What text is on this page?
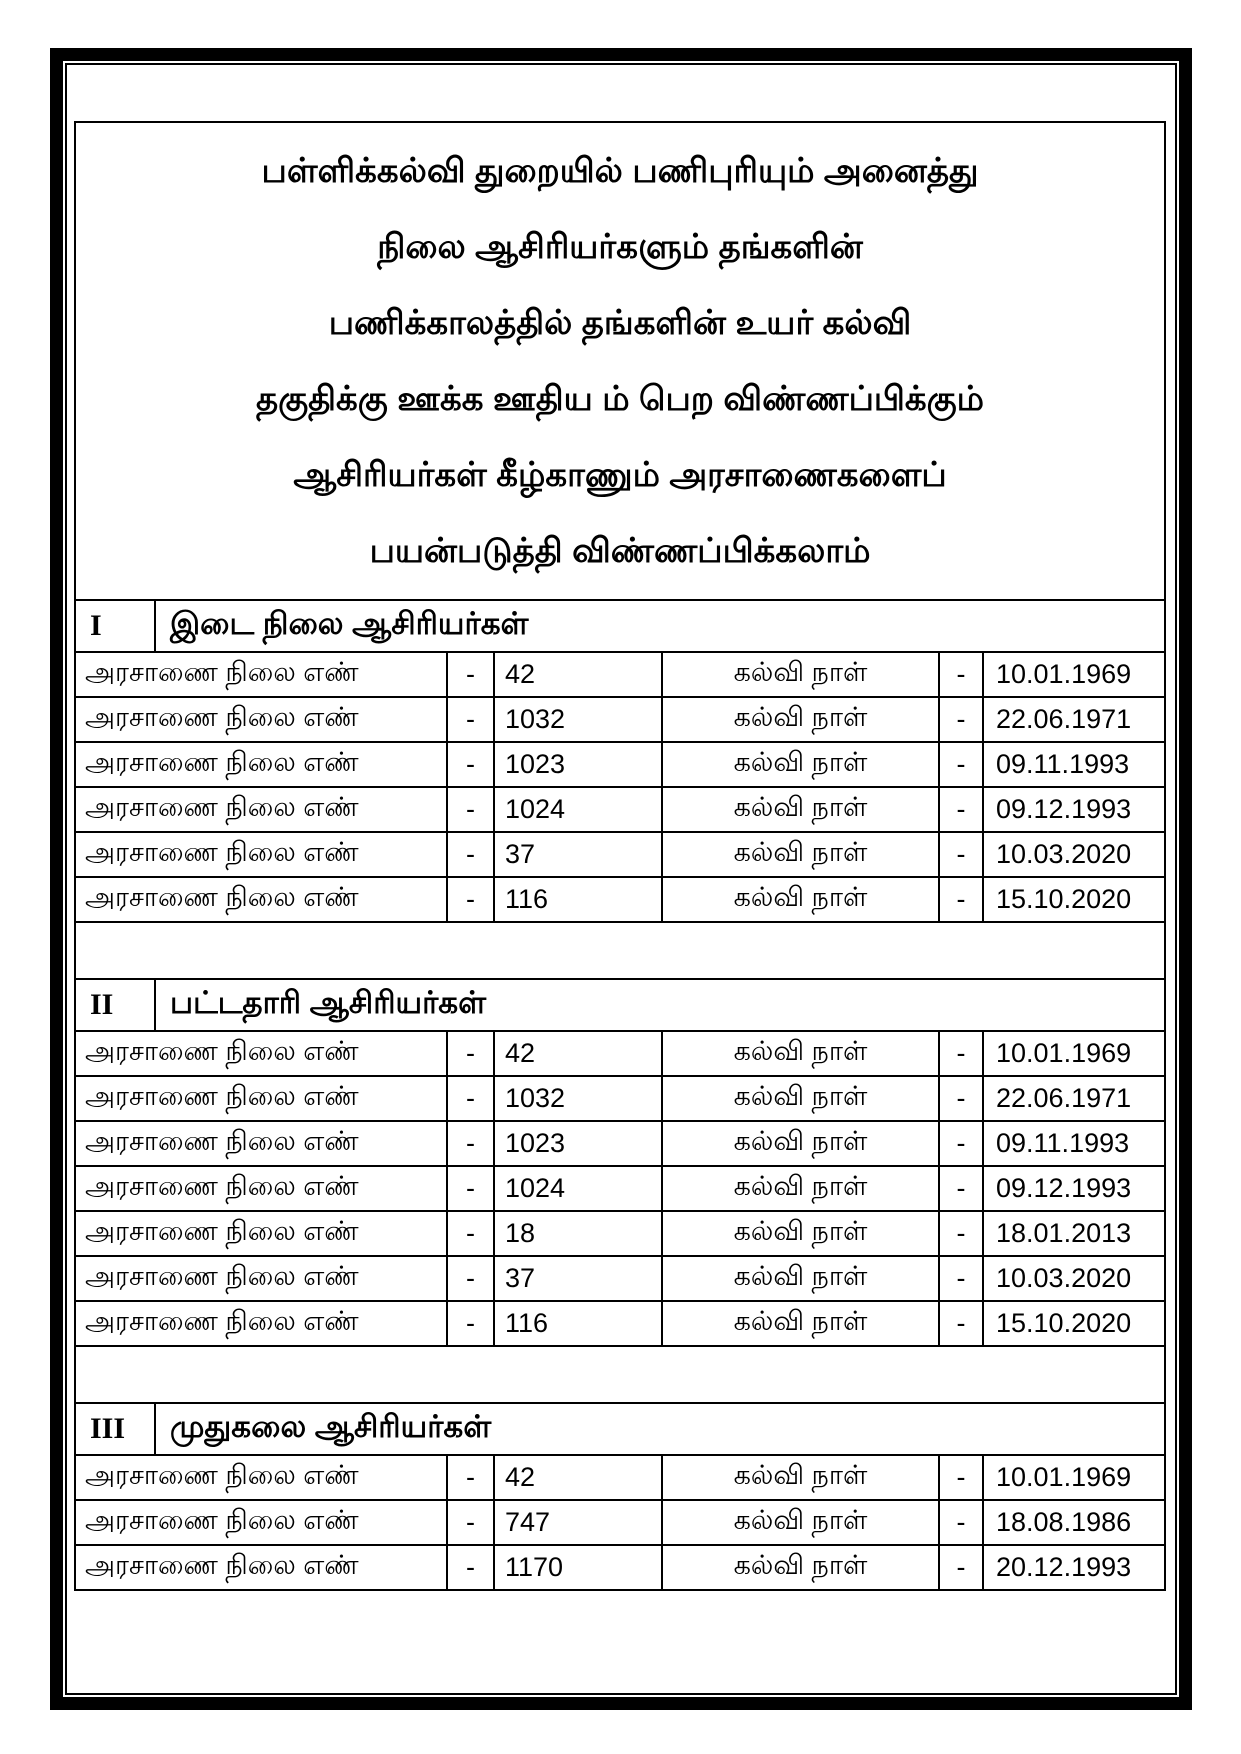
பள்ளிக்கல்வி துறையில் பணிபுரியும் அனைத்து
நிலை ஆசிரியர்களும் தங்களின்
பணிக்காலத்தில் தங்களின் உயர் கல்வி
தகுதிக்கு ஊக்க ஊதிய ம் பெற விண்ணப்பிக்கும்
ஆசிரியர்கள் கீழ்காணும் அரசாணைகளைப்
பயன்படுத்தி விண்ணப்பிக்கலாம்

I	இடை நிலை ஆசிரியர்கள்					
அரசாணை நிலை எண்		-	42	கல்வி நாள்	-	10.01.1969
அரசாணை நிலை எண்		-	1032	கல்வி நாள்	-	22.06.1971
அரசாணை நிலை எண்		-	1023	கல்வி நாள்	-	09.11.1993
அரசாணை நிலை எண்		-	1024	கல்வி நாள்	-	09.12.1993
அரசாணை நிலை எண்		-	37	கல்வி நாள்	-	10.03.2020
அரசாணை நிலை எண்		-	116	கல்வி நாள்	-	15.10.2020

II	பட்டதாரி ஆசிரியர்கள்					
அரசாணை நிலை எண்		-	42	கல்வி நாள்	-	10.01.1969
அரசாணை நிலை எண்		-	1032	கல்வி நாள்	-	22.06.1971
அரசாணை நிலை எண்		-	1023	கல்வி நாள்	-	09.11.1993
அரசாணை நிலை எண்		-	1024	கல்வி நாள்	-	09.12.1993
அரசாணை நிலை எண்		-	18	கல்வி நாள்	-	18.01.2013
அரசாணை நிலை எண்		-	37	கல்வி நாள்	-	10.03.2020
அரசாணை நிலை எண்		-	116	கல்வி நாள்	-	15.10.2020

III	முதுகலை ஆசிரியர்கள்					
அரசாணை நிலை எண்		-	42	கல்வி நாள்	-	10.01.1969
அரசாணை நிலை எண்		-	747	கல்வி நாள்	-	18.08.1986
அரசாணை நிலை எண்		-	1170	கல்வி நாள்	-	20.12.1993
